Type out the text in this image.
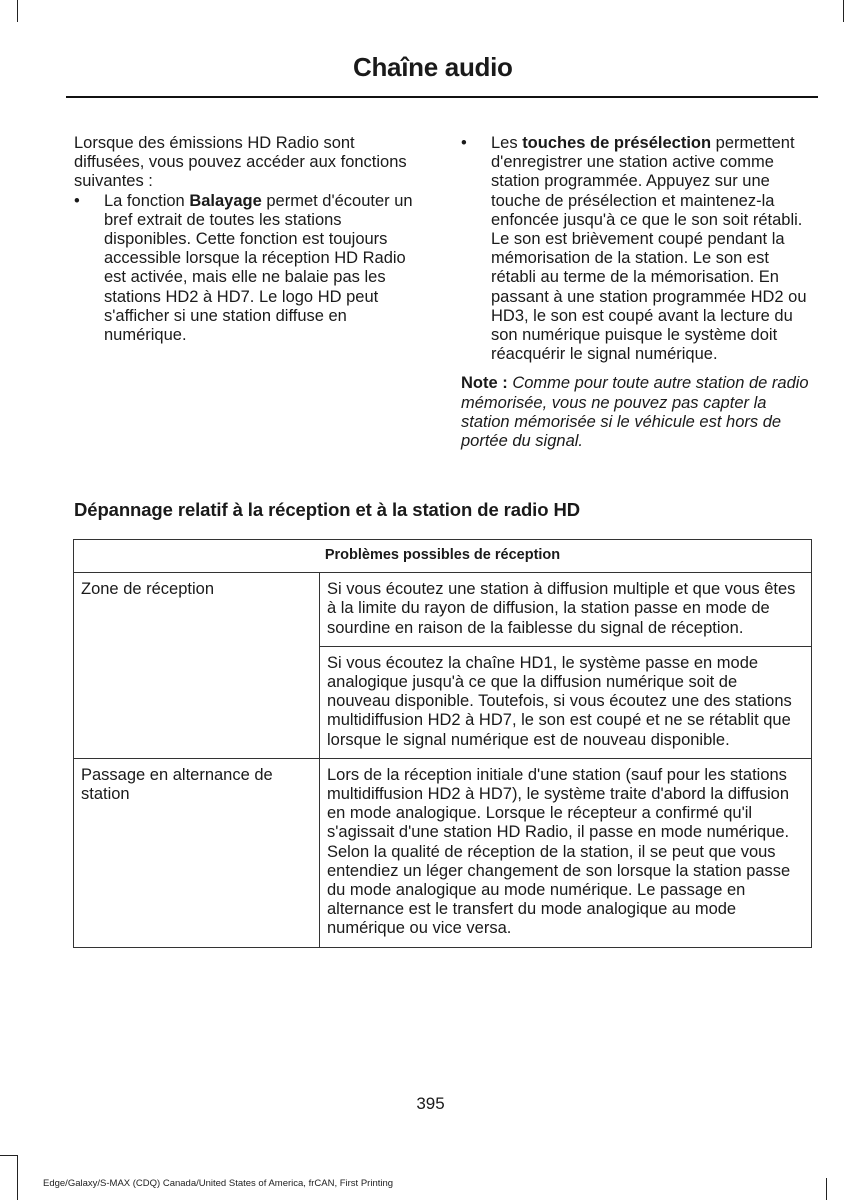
Chaîne audio

Lorsque des émissions HD Radio sont diffusées, vous pouvez accéder aux fonctions suivantes :

• La fonction Balayage permet d'écouter un bref extrait de toutes les stations disponibles. Cette fonction est toujours accessible lorsque la réception HD Radio est activée, mais elle ne balaie pas les stations HD2 à HD7. Le logo HD peut s'afficher si une station diffuse en numérique.

• Les touches de présélection permettent d'enregistrer une station active comme station programmée. Appuyez sur une touche de présélection et maintenez-la enfoncée jusqu'à ce que le son soit rétabli. Le son est brièvement coupé pendant la mémorisation de la station. Le son est rétabli au terme de la mémorisation. En passant à une station programmée HD2 ou HD3, le son est coupé avant la lecture du son numérique puisque le système doit réacquérir le signal numérique.

Note : Comme pour toute autre station de radio mémorisée, vous ne pouvez pas capter la station mémorisée si le véhicule est hors de portée du signal.

Dépannage relatif à la réception et à la station de radio HD
Problèmes possibles de réception	
Zone de réception	Si vous écoutez une station à diffusion multiple et que vous êtes à la limite du rayon de diffusion, la station passe en mode de sourdine en raison de la faiblesse du signal de réception.
	Si vous écoutez la chaîne HD1, le système passe en mode analogique jusqu'à ce que la diffusion numérique soit de nouveau disponible. Toutefois, si vous écoutez une des stations multidiffusion HD2 à HD7, le son est coupé et ne se rétablit que lorsque le signal numérique est de nouveau disponible.
Passage en alternance de station	Lors de la réception initiale d'une station (sauf pour les stations multidiffusion HD2 à HD7), le système traite d'abord la diffusion en mode analogique. Lorsque le récepteur a confirmé qu'il s'agissait d'une station HD Radio, il passe en mode numérique. Selon la qualité de réception de la station, il se peut que vous entendiez un léger changement de son lorsque la station passe du mode analogique au mode numérique. Le passage en alternance est le transfert du mode analogique au mode numérique ou vice versa.
395
Edge/Galaxy/S-MAX (CDQ) Canada/United States of America, frCAN, First Printing
